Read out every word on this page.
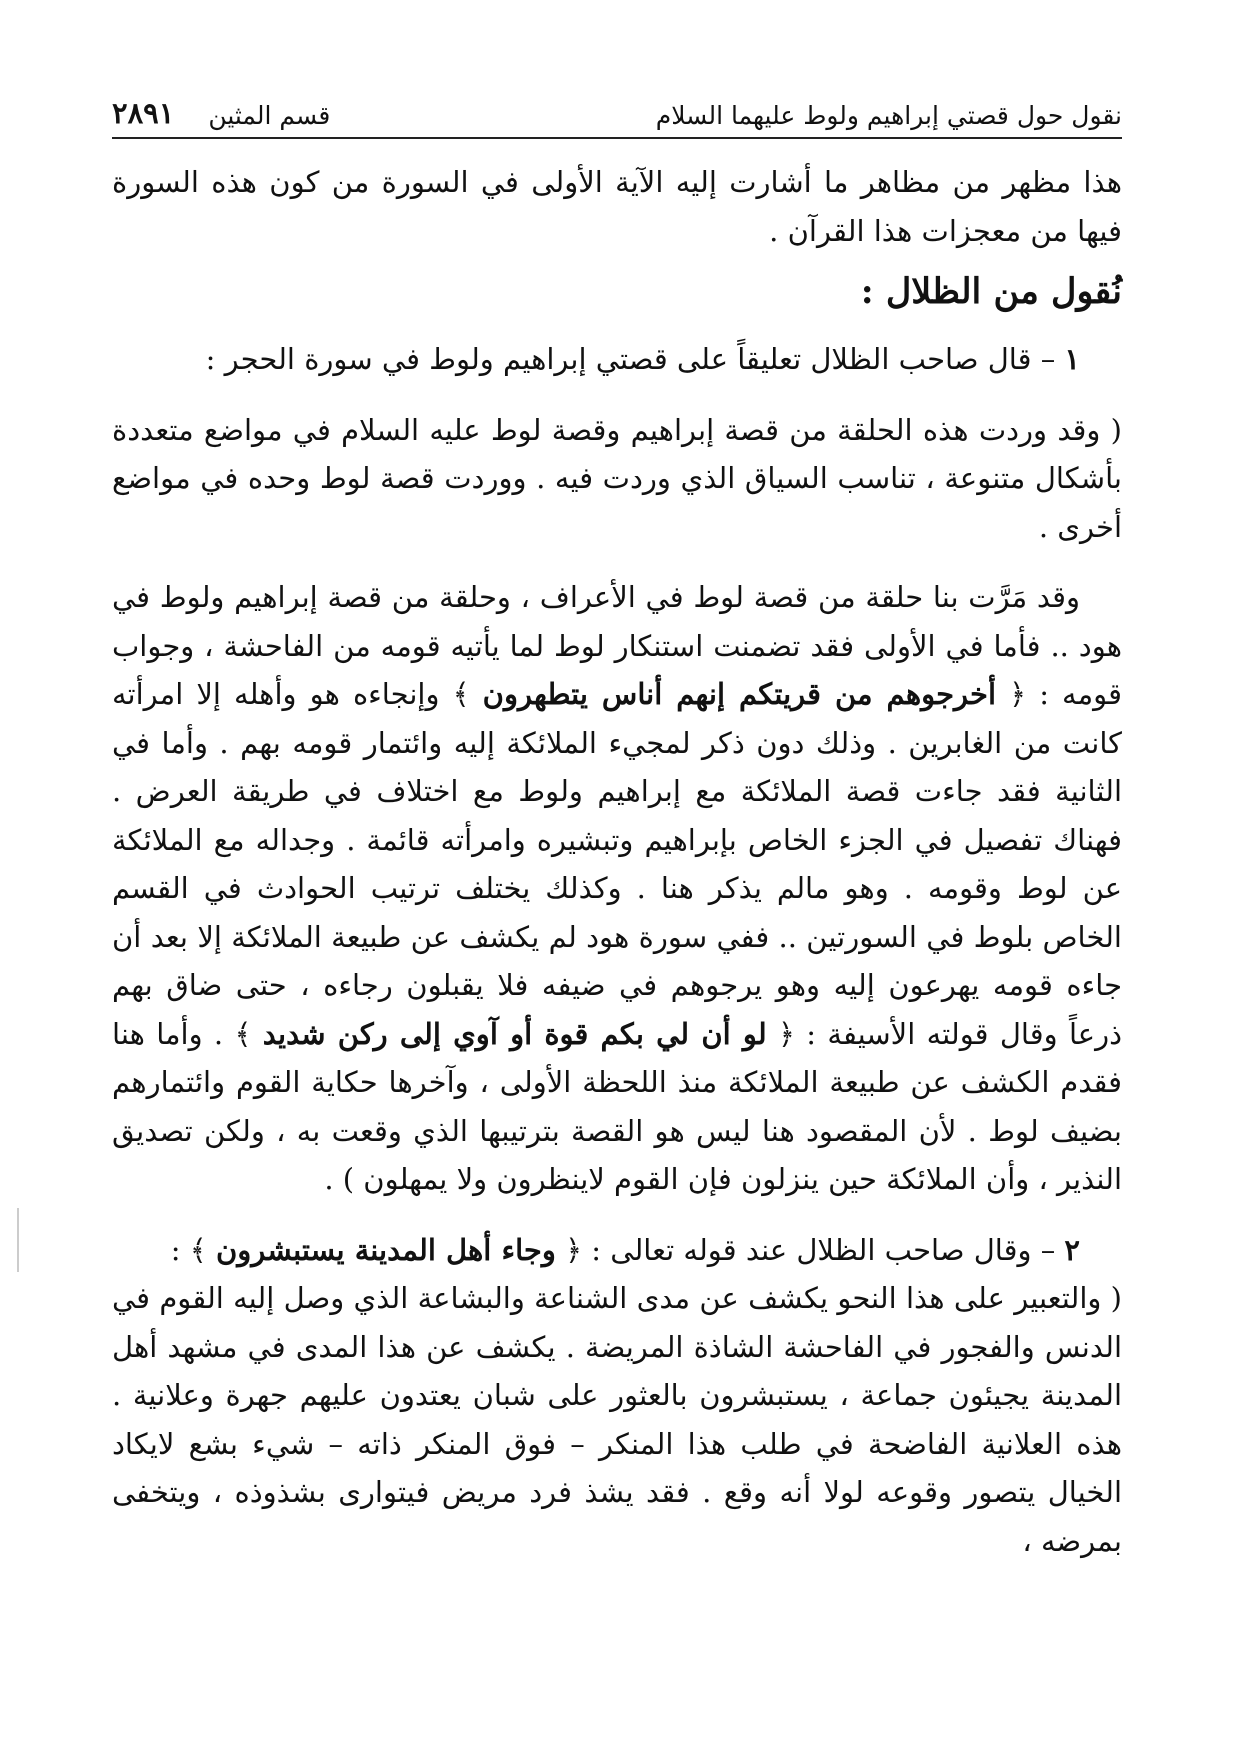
نقول حول قصتي إبراهيم ولوط عليهما السلام
قسم المثين
٢٨٩١

هذا مظهر من مظاهر ما أشارت إليه الآية الأولى في السورة من كون هذه السورة فيها من معجزات هذا القرآن .

نُقول من الظلال :

١ – قال صاحب الظلال تعليقاً على قصتي إبراهيم ولوط في سورة الحجر :

( وقد وردت هذه الحلقة من قصة إبراهيم وقصة لوط عليه السلام في مواضع متعددة بأشكال متنوعة ، تناسب السياق الذي وردت فيه . ووردت قصة لوط وحده في مواضع أخرى .

وقد مَرَّت بنا حلقة من قصة لوط في الأعراف ، وحلقة من قصة إبراهيم ولوط في هود .. فأما في الأولى فقد تضمنت استنكار لوط لما يأتيه قومه من الفاحشة ، وجواب قومه : ﴿ أخرجوهم من قريتكم إنهم أناس يتطهرون ﴾ وإنجاءه هو وأهله إلا امرأته كانت من الغابرين . وذلك دون ذكر لمجيء الملائكة إليه وائتمار قومه بهم . وأما في الثانية فقد جاءت قصة الملائكة مع إبراهيم ولوط مع اختلاف في طريقة العرض . فهناك تفصيل في الجزء الخاص بإبراهيم وتبشيره وامرأته قائمة . وجداله مع الملائكة عن لوط وقومه . وهو مالم يذكر هنا . وكذلك يختلف ترتيب الحوادث في القسم الخاص بلوط في السورتين .. ففي سورة هود لم يكشف عن طبيعة الملائكة إلا بعد أن جاءه قومه يهرعون إليه وهو يرجوهم في ضيفه فلا يقبلون رجاءه ، حتى ضاق بهم ذرعاً وقال قولته الأسيفة : ﴿ لو أن لي بكم قوة أو آوي إلى ركن شديد ﴾ . وأما هنا فقدم الكشف عن طبيعة الملائكة منذ اللحظة الأولى ، وآخرها حكاية القوم وائتمارهم بضيف لوط . لأن المقصود هنا ليس هو القصة بترتيبها الذي وقعت به ، ولكن تصديق النذير ، وأن الملائكة حين ينزلون فإن القوم لاينظرون ولا يمهلون ) .

٢ – وقال صاحب الظلال عند قوله تعالى : ﴿ وجاء أهل المدينة يستبشرون ﴾ :

( والتعبير على هذا النحو يكشف عن مدى الشناعة والبشاعة الذي وصل إليه القوم في الدنس والفجور في الفاحشة الشاذة المريضة . يكشف عن هذا المدى في مشهد أهل المدينة يجيئون جماعة ، يستبشرون بالعثور على شبان يعتدون عليهم جهرة وعلانية . هذه العلانية الفاضحة في طلب هذا المنكر – فوق المنكر ذاته – شيء بشع لايكاد الخيال يتصور وقوعه لولا أنه وقع . فقد يشذ فرد مريض فيتوارى بشذوذه ، ويتخفى بمرضه ،
